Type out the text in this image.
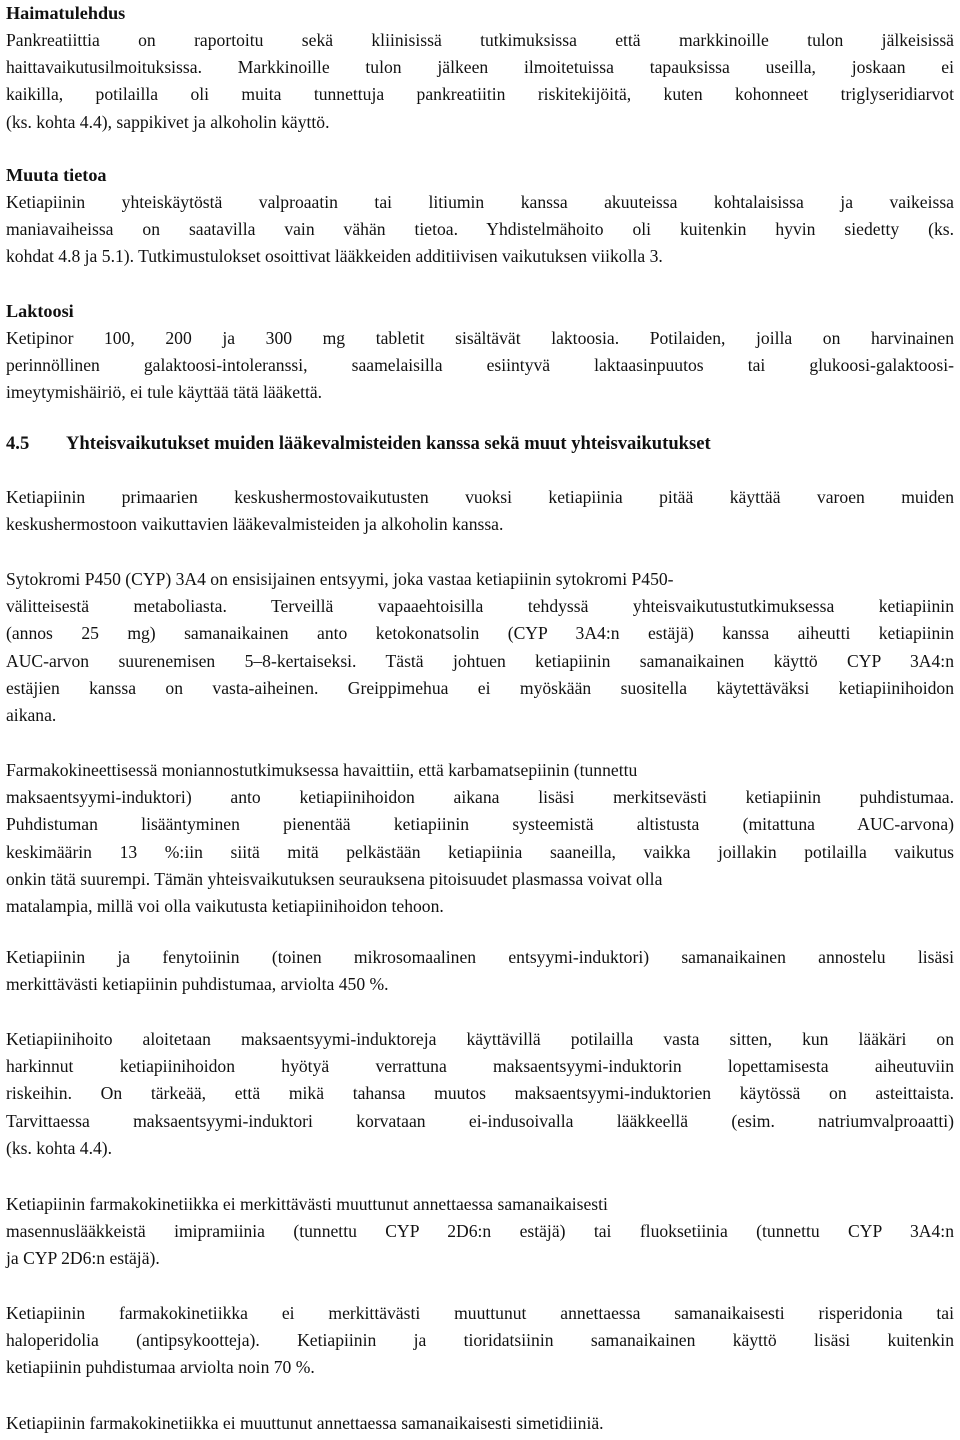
Haimatulehdus
Pankreatiittia on raportoitu sekä kliinisissä tutkimuksissa että markkinoille tulon jälkeisissä
haittavaikutusilmoituksissa. Markkinoille tulon jälkeen ilmoitetuissa tapauksissa useilla, joskaan ei
kaikilla, potilailla oli muita tunnettuja pankreatiitin riskitekijöitä, kuten kohonneet triglyseridiarvot
(ks. kohta 4.4), sappikivet ja alkoholin käyttö.
Muuta tietoa
Ketiapiinin yhteiskäytöstä valproaatin tai litiumin kanssa akuuteissa kohtalaisissa ja vaikeissa
maniavaiheissa on saatavilla vain vähän tietoa. Yhdistelmähoito oli kuitenkin hyvin siedetty (ks.
kohdat 4.8 ja 5.1). Tutkimustulokset osoittivat lääkkeiden additiivisen vaikutuksen viikolla 3.
Laktoosi
Ketipinor 100, 200 ja 300 mg tabletit sisältävät laktoosia. Potilaiden, joilla on harvinainen
perinnöllinen galaktoosi-intoleranssi, saamelaisilla esiintyvä laktaasinpuutos tai glukoosi-galaktoosi-
imeytymishäiriö, ei tule käyttää tätä lääkettä.
4.5 Yhteisvaikutukset muiden lääkevalmisteiden kanssa sekä muut yhteisvaikutukset
Ketiapiinin primaarien keskushermostovaikutusten vuoksi ketiapiinia pitää käyttää varoen muiden
keskushermostoon vaikuttavien lääkevalmisteiden ja alkoholin kanssa.
Sytokromi P450 (CYP) 3A4 on ensisijainen entsyymi, joka vastaa ketiapiinin sytokromi P450-
välitteisestä metaboliasta. Terveillä vapaaehtoisilla tehdyssä yhteisvaikutustutkimuksessa ketiapiinin
(annos 25 mg) samanaikainen anto ketokonatsolin (CYP 3A4:n estäjä) kanssa aiheutti ketiapiinin
AUC-arvon suurenemisen 5–8-kertaiseksi. Tästä johtuen ketiapiinin samanaikainen käyttö CYP 3A4:n
estäjien kanssa on vasta-aiheinen. Greippimehua ei myöskään suositella käytettäväksi ketiapiinihoidon
aikana.
Farmakokineettisessä moniannostutkimuksessa havaittiin, että karbamatsepiinin (tunnettu
maksaentsyymi-induktori) anto ketiapiinihoidon aikana lisäsi merkitsevästi ketiapiinin puhdistumaa.
Puhdistuman lisääntyminen pienentää ketiapiinin systeemistä altistusta (mitattuna AUC-arvona)
keskimäärin 13 %:iin siitä mitä pelkästään ketiapiinia saaneilla, vaikka joillakin potilailla vaikutus
onkin tätä suurempi. Tämän yhteisvaikutuksen seurauksena pitoisuudet plasmassa voivat olla
matalampia, millä voi olla vaikutusta ketiapiinihoidon tehoon.
Ketiapiinin ja fenytoiinin (toinen mikrosomaalinen entsyymi-induktori) samanaikainen annostelu lisäsi
merkittävästi ketiapiinin puhdistumaa, arviolta 450 %.
Ketiapiinihoito aloitetaan maksaentsyymi-induktoreja käyttävillä potilailla vasta sitten, kun lääkäri on
harkinnut ketiapiinihoidon hyötyä verrattuna maksaentsyymi-induktorin lopettamisesta aiheutuviin
riskeihin. On tärkeää, että mikä tahansa muutos maksaentsyymi-induktorien käytössä on asteittaista.
Tarvittaessa maksaentsyymi-induktori korvataan ei-indusoivalla lääkkeellä (esim. natriumvalproaatti)
(ks. kohta 4.4).
Ketiapiinin farmakokinetiikka ei merkittävästi muuttunut annettaessa samanaikaisesti
masennuslääkkeistä imipramiinia (tunnettu CYP 2D6:n estäjä) tai fluoksetiinia (tunnettu CYP 3A4:n
ja CYP 2D6:n estäjä).
Ketiapiinin farmakokinetiikka ei merkittävästi muuttunut annettaessa samanaikaisesti risperidonia tai
haloperidolia (antipsykootteja). Ketiapiinin ja tioridatsiinin samanaikainen käyttö lisäsi kuitenkin
ketiapiinin puhdistumaa arviolta noin 70 %.
Ketiapiinin farmakokinetiikka ei muuttunut annettaessa samanaikaisesti simetidiiniä.
